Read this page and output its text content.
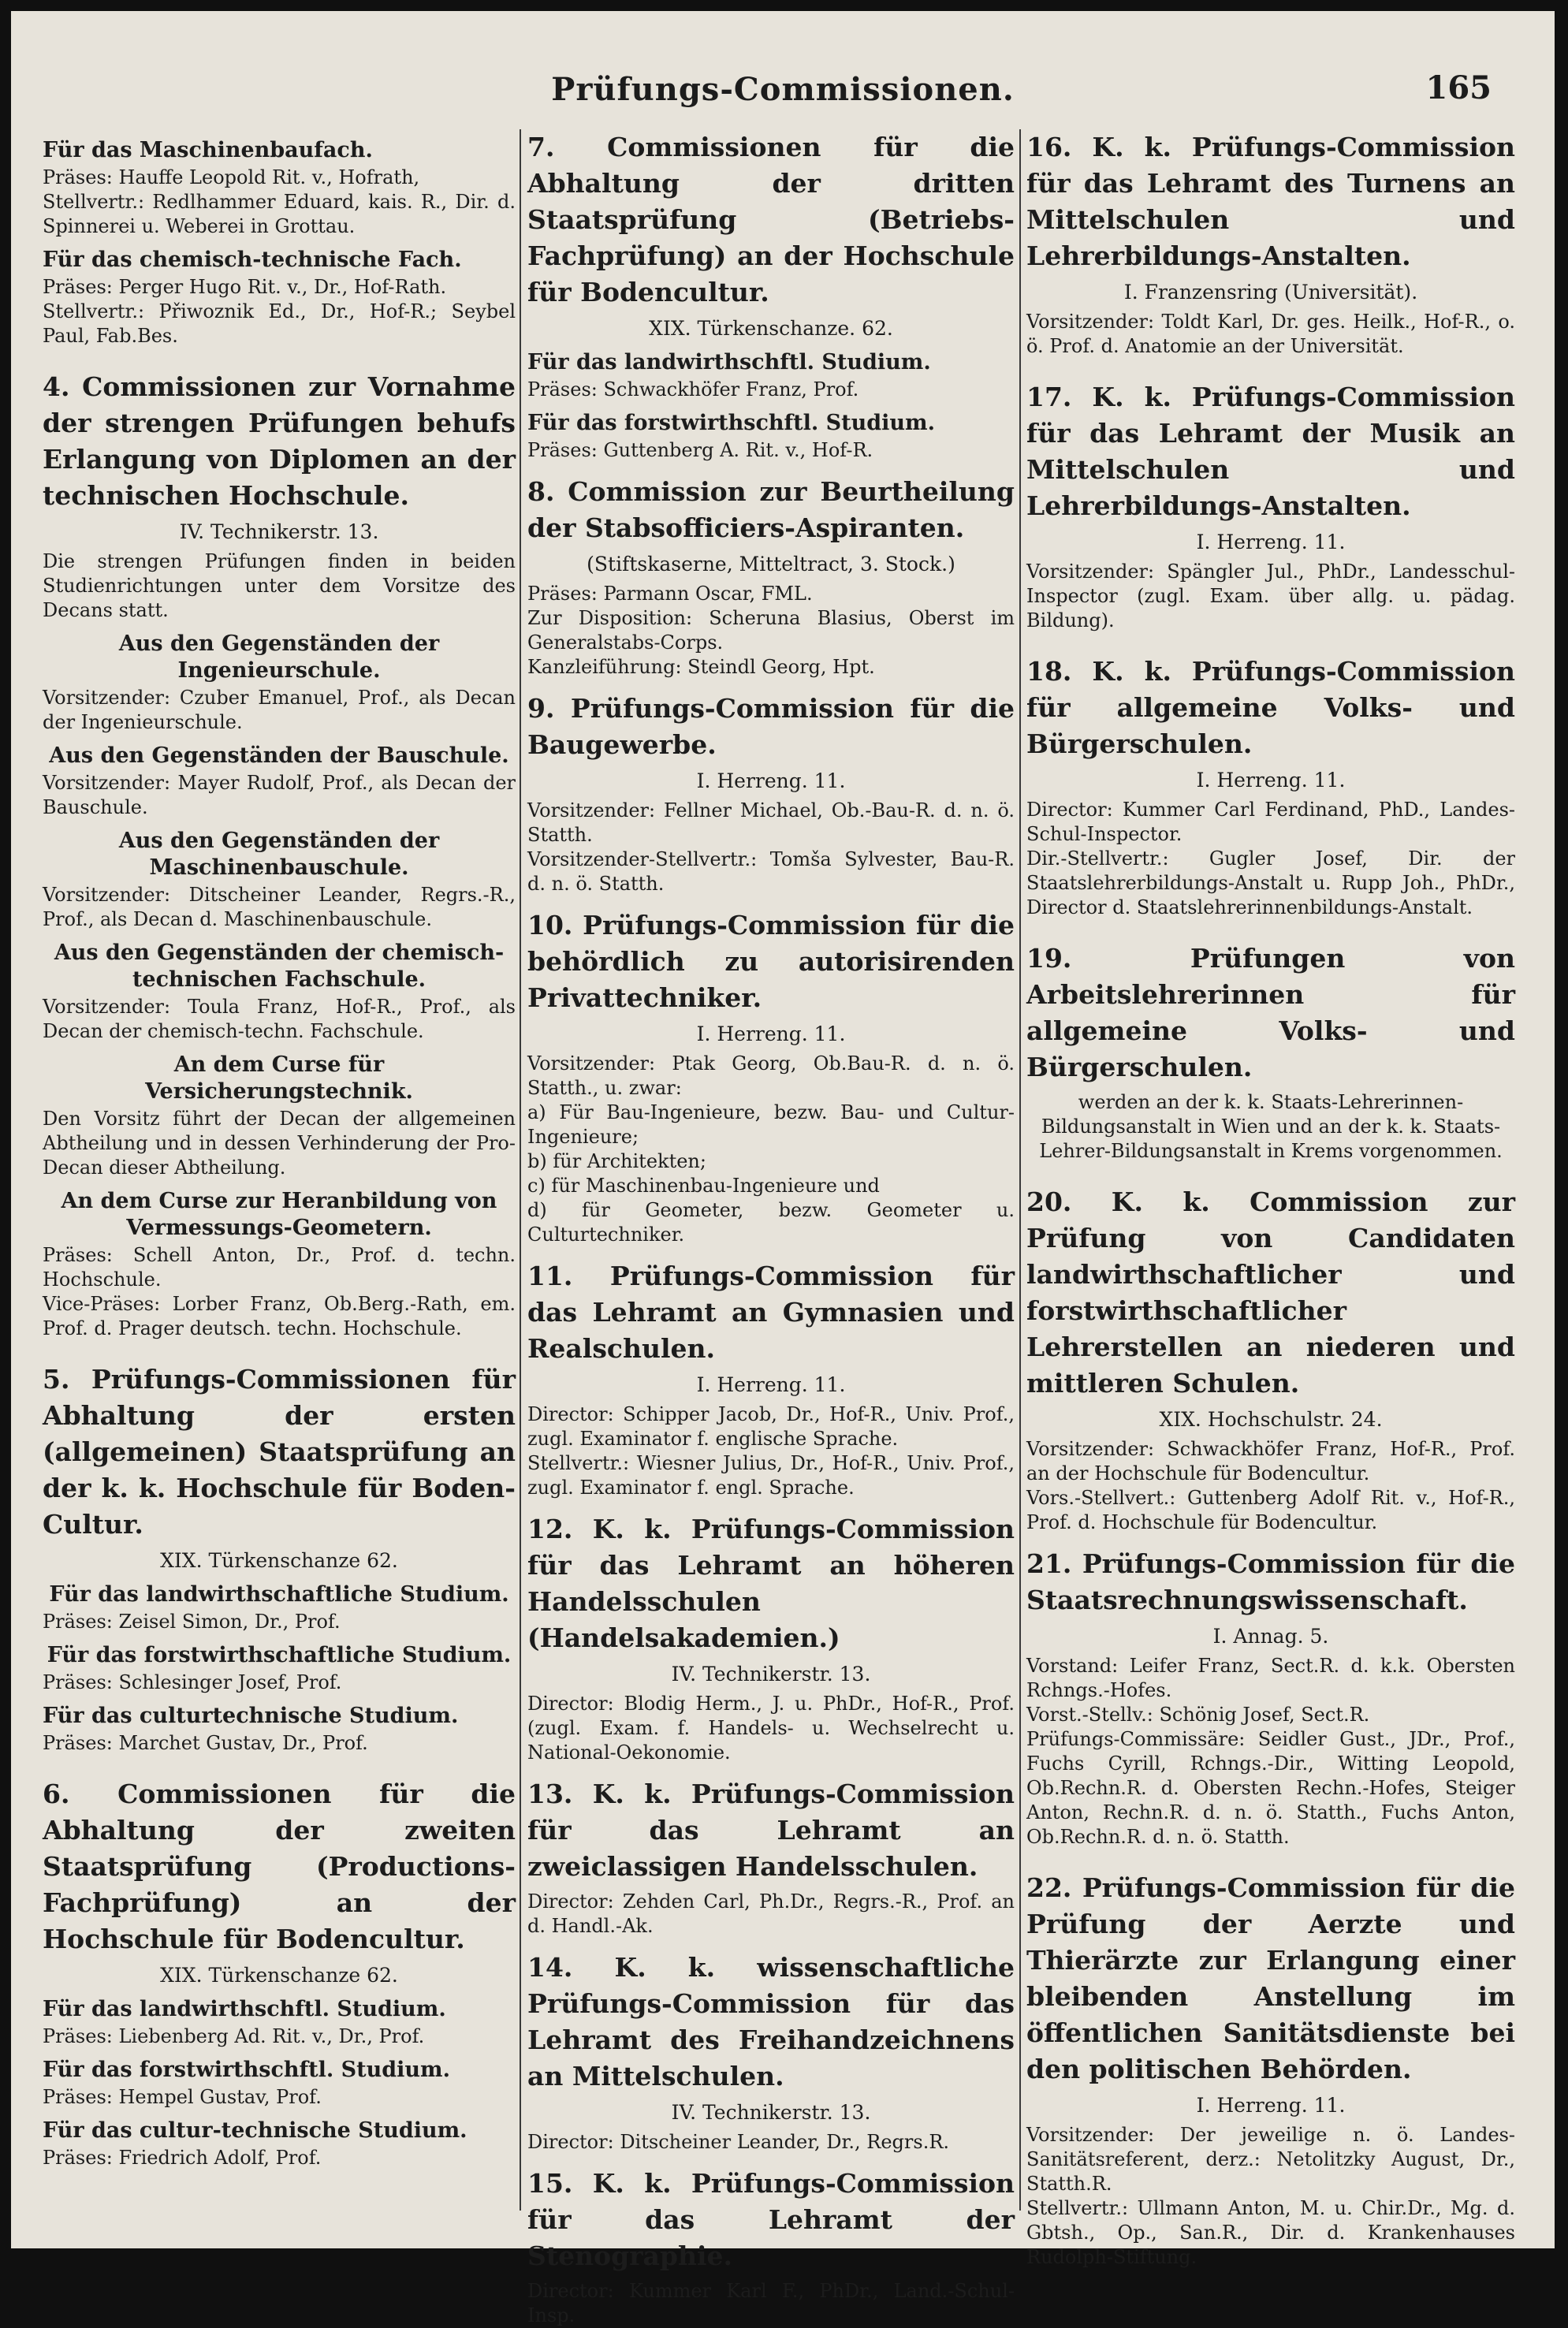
Prüfungs-Commissionen.	165
Für das Maschinenbaufach.
Präses: Hauffe Leopold Rit. v., Hofrath,
Stellvertr.: Redlhammer Eduard, kais. R., Dir. d. Spinnerei u. Weberei in Grottau.
Für das chemisch-technische Fach.
Präses: Perger Hugo Rit. v., Dr., Hof-Rath.
Stellvertr.: Přiwoznik Ed., Dr., Hof-R.; Seybel Paul, Fab.Bes.
4. Commissionen zur Vornahme der strengen Prüfungen behufs Erlangung von Diplomen an der technischen Hochschule.
IV. Technikerstr. 13.
Die strengen Prüfungen finden in beiden Studienrichtungen unter dem Vorsitze des Decans statt.
Aus den Gegenständen der Ingenieurschule.
Vorsitzender: Czuber Emanuel, Prof., als Decan der Ingenieurschule.
Aus den Gegenständen der Bauschule.
Vorsitzender: Mayer Rudolf, Prof., als Decan der Bauschule.
Aus den Gegenständen der Maschinenbauschule.
Vorsitzender: Ditscheiner Leander, Regrs.-R., Prof., als Decan d. Maschinenbauschule.
Aus den Gegenständen der chemisch-technischen Fachschule.
Vorsitzender: Toula Franz, Hof-R., Prof., als Decan der chemisch-techn. Fachschule.
An dem Curse für Versicherungstechnik.
Den Vorsitz führt der Decan der allgemeinen Abtheilung und in dessen Verhinderung der Pro-Decan dieser Abtheilung.
An dem Curse zur Heranbildung von Vermessungs-Geometern.
Präses: Schell Anton, Dr., Prof. d. techn. Hochschule.
Vice-Präses: Lorber Franz, Ob.Berg.-Rath, em. Prof. d. Prager deutsch. techn. Hochschule.
5. Prüfungs-Commissionen für Abhaltung der ersten (allgemeinen) Staatsprüfung an der k. k. Hochschule für Boden-Cultur.
XIX. Türkenschanze 62.
Für das landwirthschaftliche Studium.
Präses: Zeisel Simon, Dr., Prof.
Für das forstwirthschaftliche Studium.
Präses: Schlesinger Josef, Prof.
Für das culturtechnische Studium.
Präses: Marchet Gustav, Dr., Prof.
6. Commissionen für die Abhaltung der zweiten Staatsprüfung (Productions-Fachprüfung) an der Hochschule für Bodencultur.
XIX. Türkenschanze 62.
Für das landwirthschftl. Studium.
Präses: Liebenberg Ad. Rit. v., Dr., Prof.
Für das forstwirthschftl. Studium.
Präses: Hempel Gustav, Prof.
Für das cultur-technische Studium.
Präses: Friedrich Adolf, Prof.
7. Commissionen für die Abhaltung der dritten Staatsprüfung (Betriebs-Fachprüfung) an der Hochschule für Bodencultur.
XIX. Türkenschanze. 62.
Für das landwirthschftl. Studium.
Präses: Schwackhöfer Franz, Prof.
Für das forstwirthschftl. Studium.
Präses: Guttenberg A. Rit. v., Hof-R.
8. Commission zur Beurtheilung der Stabsofficiers-Aspiranten.
(Stiftskaserne, Mitteltract, 3. Stock.)
Präses: Parmann Oscar, FML.
Zur Disposition: Scheruna Blasius, Oberst im Generalstabs-Corps.
Kanzleiführung: Steindl Georg, Hpt.
9. Prüfungs-Commission für die Baugewerbe.
I. Herreng. 11.
Vorsitzender: Fellner Michael, Ob.-Bau-R. d. n. ö. Statth.
Vorsitzender-Stellvertr.: Tomša Sylvester, Bau-R. d. n. ö. Statth.
10. Prüfungs-Commission für die behördlich zu autorisirenden Privattechniker.
I. Herreng. 11.
Vorsitzender: Ptak Georg, Ob.Bau-R. d. n. ö. Statth., u. zwar:
a) Für Bau-Ingenieure, bezw. Bau- und Cultur-Ingenieure;
b) für Architekten;
c) für Maschinenbau-Ingenieure und
d) für Geometer, bezw. Geometer u. Culturtechniker.
11. Prüfungs-Commission für das Lehramt an Gymnasien und Realschulen.
I. Herreng. 11.
Director: Schipper Jacob, Dr., Hof-R., Univ. Prof., zugl. Examinator f. englische Sprache.
Stellvertr.: Wiesner Julius, Dr., Hof-R., Univ. Prof., zugl. Examinator f. engl. Sprache.
12. K. k. Prüfungs-Commission für das Lehramt an höheren Handelsschulen (Handelsakademien.)
IV. Technikerstr. 13.
Director: Blodig Herm., J. u. PhDr., Hof-R., Prof. (zugl. Exam. f. Handels- u. Wechselrecht u. National-Oekonomie.
13. K. k. Prüfungs-Commission für das Lehramt an zweiclassigen Handelsschulen.
Director: Zehden Carl, Ph.Dr., Regrs.-R., Prof. an d. Handl.-Ak.
14. K. k. wissenschaftliche Prüfungs-Commission für das Lehramt des Freihandzeichnens an Mittelschulen.
IV. Technikerstr. 13.
Director: Ditscheiner Leander, Dr., Regrs.R.
15. K. k. Prüfungs-Commission für das Lehramt der Stenographie.
Director: Kummer Karl F., PhDr., Land.-Schul-Insp.
16. K. k. Prüfungs-Commission für das Lehramt des Turnens an Mittelschulen und Lehrerbildungs-Anstalten.
I. Franzensring (Universität).
Vorsitzender: Toldt Karl, Dr. ges. Heilk., Hof-R., o. ö. Prof. d. Anatomie an der Universität.
17. K. k. Prüfungs-Commission für das Lehramt der Musik an Mittelschulen und Lehrerbildungs-Anstalten.
I. Herreng. 11.
Vorsitzender: Spängler Jul., PhDr., Landesschul-Inspector (zugl. Exam. über allg. u. pädag. Bildung).
18. K. k. Prüfungs-Commission für allgemeine Volks- und Bürgerschulen.
I. Herreng. 11.
Director: Kummer Carl Ferdinand, PhD., Landes-Schul-Inspector.
Dir.-Stellvertr.: Gugler Josef, Dir. der Staatslehrerbildungs-Anstalt u. Rupp Joh., PhDr., Director d. Staatslehrerinnenbildungs-Anstalt.
19. Prüfungen von Arbeitslehrerinnen für allgemeine Volks- und Bürgerschulen.
werden an der k. k. Staats-Lehrerinnen-Bildungsanstalt in Wien und an der k. k. Staats-Lehrer-Bildungsanstalt in Krems vorgenommen.
20. K. k. Commission zur Prüfung von Candidaten landwirthschaftlicher und forstwirthschaftlicher Lehrerstellen an niederen und mittleren Schulen.
XIX. Hochschulstr. 24.
Vorsitzender: Schwackhöfer Franz, Hof-R., Prof. an der Hochschule für Bodencultur.
Vors.-Stellvert.: Guttenberg Adolf Rit. v., Hof-R., Prof. d. Hochschule für Bodencultur.
21. Prüfungs-Commission für die Staatsrechnungswissenschaft.
I. Annag. 5.
Vorstand: Leifer Franz, Sect.R. d. k.k. Obersten Rchngs.-Hofes.
Vorst.-Stellv.: Schönig Josef, Sect.R.
Prüfungs-Commissäre: Seidler Gust., JDr., Prof., Fuchs Cyrill, Rchngs.-Dir., Witting Leopold, Ob.Rechn.R. d. Obersten Rechn.-Hofes, Steiger Anton, Rechn.R. d. n. ö. Statth., Fuchs Anton, Ob.Rechn.R. d. n. ö. Statth.
22. Prüfungs-Commission für die Prüfung der Aerzte und Thierärzte zur Erlangung einer bleibenden Anstellung im öffentlichen Sanitätsdienste bei den politischen Behörden.
I. Herreng. 11.
Vorsitzender: Der jeweilige n. ö. Landes-Sanitätsreferent, derz.: Netolitzky August, Dr., Statth.R.
Stellvertr.: Ullmann Anton, M. u. Chir.Dr., Mg. d. Gbtsh., Op., San.R., Dir. d. Krankenhauses Rudolph-Stiftung.
